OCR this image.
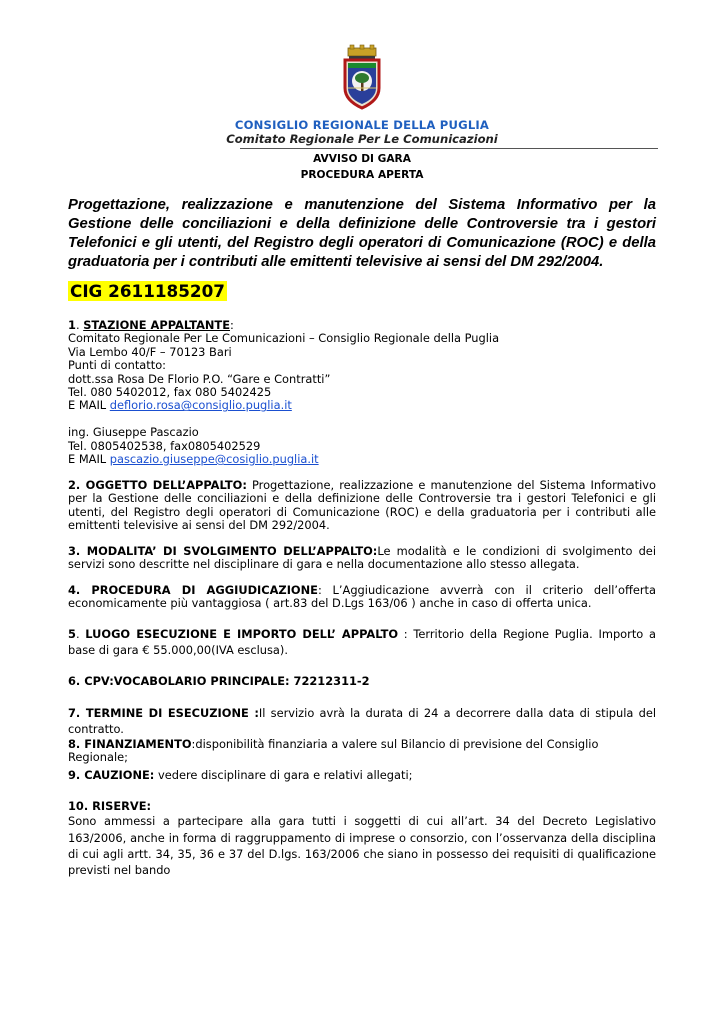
CONSIGLIO REGIONALE DELLA PUGLIA
Comitato Regionale Per Le Comunicazioni
AVVISO DI GARA
PROCEDURA APERTA
Progettazione, realizzazione e manutenzione del Sistema Informativo per la Gestione delle conciliazioni e della definizione delle Controversie tra i gestori Telefonici e gli utenti, del Registro degli operatori di Comunicazione (ROC) e della graduatoria per i contributi alle emittenti televisive ai sensi del DM 292/2004.
CIG 2611185207
1. STAZIONE APPALTANTE:
Comitato Regionale Per Le Comunicazioni – Consiglio Regionale della Puglia
Via Lembo 40/F – 70123 Bari
Punti di contatto:
dott.ssa Rosa De Florio P.O. “Gare e Contratti”
Tel. 080 5402012, fax 080 5402425
E MAIL deflorio.rosa@consiglio.puglia.it
ing. Giuseppe Pascazio
Tel. 0805402538, fax0805402529
E MAIL pascazio.giuseppe@cosiglio.puglia.it
2. OGGETTO DELL’APPALTO: Progettazione, realizzazione e manutenzione del Sistema Informativo per la Gestione delle conciliazioni e della definizione delle Controversie tra i gestori Telefonici e gli utenti, del Registro degli operatori di Comunicazione (ROC) e della graduatoria per i contributi alle emittenti televisive ai sensi del DM 292/2004.
3. MODALITA’ DI SVOLGIMENTO DELL’APPALTO:Le modalità e le condizioni di svolgimento dei servizi sono descritte nel disciplinare di gara e nella documentazione allo stesso allegata.
4. PROCEDURA DI AGGIUDICAZIONE: L’Aggiudicazione avverrà con il criterio dell’offerta economicamente più vantaggiosa ( art.83 del D.Lgs 163/06 ) anche in caso di offerta unica.
5. LUOGO ESECUZIONE E IMPORTO DELL’ APPALTO : Territorio della Regione Puglia. Importo a base di gara € 55.000,00(IVA esclusa).
6. CPV:VOCABOLARIO PRINCIPALE: 72212311-2
7. TERMINE DI ESECUZIONE :Il servizio avrà la durata di 24 a decorrere dalla data di stipula del contratto.
8. FINANZIAMENTO:disponibilità finanziaria a valere sul Bilancio di previsione del Consiglio Regionale;
9. CAUZIONE: vedere disciplinare di gara e relativi allegati;
10. RISERVE:
Sono ammessi a partecipare alla gara tutti i soggetti di cui all’art. 34 del Decreto Legislativo 163/2006, anche in forma di raggruppamento di imprese o consorzio, con l’osservanza della disciplina di cui agli artt. 34, 35, 36 e 37 del D.lgs. 163/2006 che siano in possesso dei requisiti di qualificazione previsti nel bando
